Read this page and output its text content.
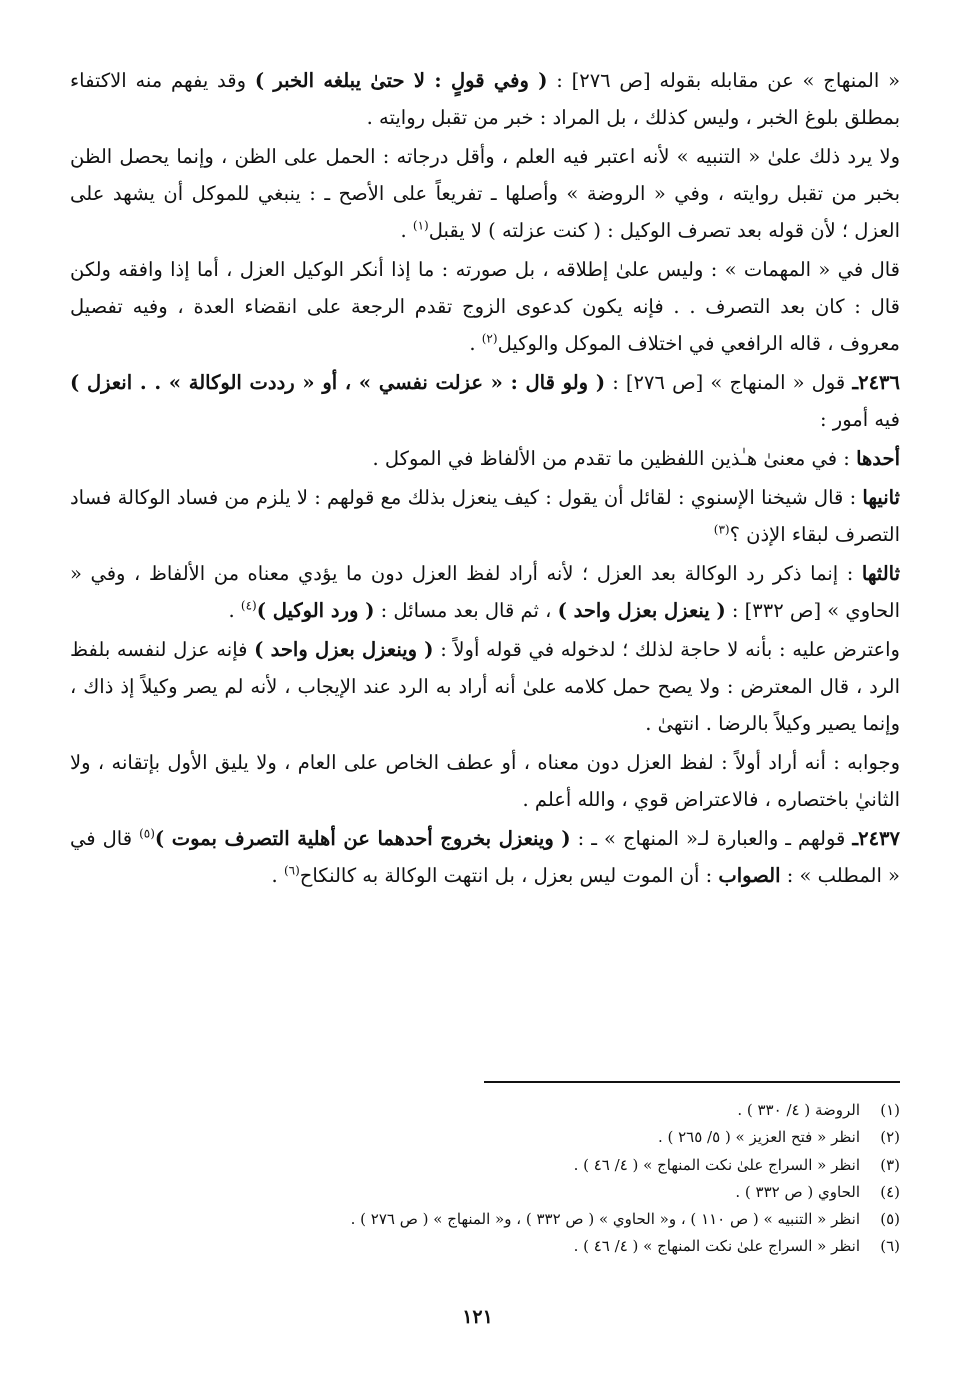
« المنهاج » عن مقابله بقوله [ص ٢٧٦] : ( وفي قولٍ : لا حتىٰ يبلغه الخبر ) وقد يفهم منه الاكتفاء بمطلق بلوغ الخبر ، وليس كذلك ، بل المراد : خبر من تقبل روايته .

ولا يرد ذلك علىٰ « التنبيه » لأنه اعتبر فيه العلم ، وأقل درجاته : الحمل على الظن ، وإنما يحصل الظن بخبر من تقبل روايته ، وفي « الروضة » وأصلها ـ تفريعاً على الأصح ـ : ينبغي للموكل أن يشهد على العزل ؛ لأن قوله بعد تصرف الوكيل : ( كنت عزلته ) لا يقبل$^{(١)}$ .

قال في « المهمات » : وليس علىٰ إطلاقه ، بل صورته : ما إذا أنكر الوكيل العزل ، أما إذا وافقه ولكن قال : كان بعد التصرف . . فإنه يكون كدعوى الزوج تقدم الرجعة على انقضاء العدة ، وفيه تفصيل معروف ، قاله الرافعي في اختلاف الموكل والوكيل$^{(٢)}$ .

٢٤٣٦ـ قول « المنهاج » [ص ٢٧٦] : ( ولو قال : « عزلت نفسي » ، أو « رددت الوكالة » . . انعزل ) فيه أمور :

أحدها : في معنىٰ هـٰذين اللفظين ما تقدم من الألفاظ في الموكل .

ثانيها : قال شيخنا الإسنوي : لقائل أن يقول : كيف ينعزل بذلك مع قولهم : لا يلزم من فساد الوكالة فساد التصرف لبقاء الإذن ؟$^{(٣)}$

ثالثها : إنما ذكر رد الوكالة بعد العزل ؛ لأنه أراد لفظ العزل دون ما يؤدي معناه من الألفاظ ، وفي « الحاوي » [ص ٣٣٢] : ( ينعزل بعزل واحد ) ، ثم قال بعد مسائل : ( ورد الوكيل )$^{(٤)}$ .

واعترض عليه : بأنه لا حاجة لذلك ؛ لدخوله في قوله أولاً : ( وينعزل بعزل واحد ) فإنه عزل لنفسه بلفظ الرد ، قال المعترض : ولا يصح حمل كلامه علىٰ أنه أراد به الرد عند الإيجاب ، لأنه لم يصر وكيلاً إذ ذاك ، وإنما يصير وكيلاً بالرضا . انتهىٰ .

وجوابه : أنه أراد أولاً : لفظ العزل دون معناه ، أو عطف الخاص على العام ، ولا يليق الأول بإتقانه ، ولا الثانيٰ باختصاره ، فالاعتراض قوي ، والله أعلم .

٢٤٣٧ـ قولهم ـ والعبارة لـ« المنهاج » ـ : ( وينعزل بخروج أحدهما عن أهلية التصرف بموت )$^{(٥)}$ قال في « المطلب » : الصواب : أن الموت ليس بعزل ، بل انتهت الوكالة به كالنكاح$^{(٦)}$ .

(١)
الروضة ( ٤/ ٣٣٠ ) .
(٢)
انظر « فتح العزيز » ( ٥/ ٢٦٥ ) .
(٣)
انظر « السراج علىٰ نكت المنهاج » ( ٤/ ٤٦ ) .
(٤)
الحاوي ( ص ٣٣٢ ) .
(٥)
انظر « التنبيه » ( ص ١١٠ ) ، و« الحاوي » ( ص ٣٣٢ ) ، و« المنهاج » ( ص ٢٧٦ ) .
(٦)
انظر « السراج علىٰ نكت المنهاج » ( ٤/ ٤٦ ) .
١٢١
